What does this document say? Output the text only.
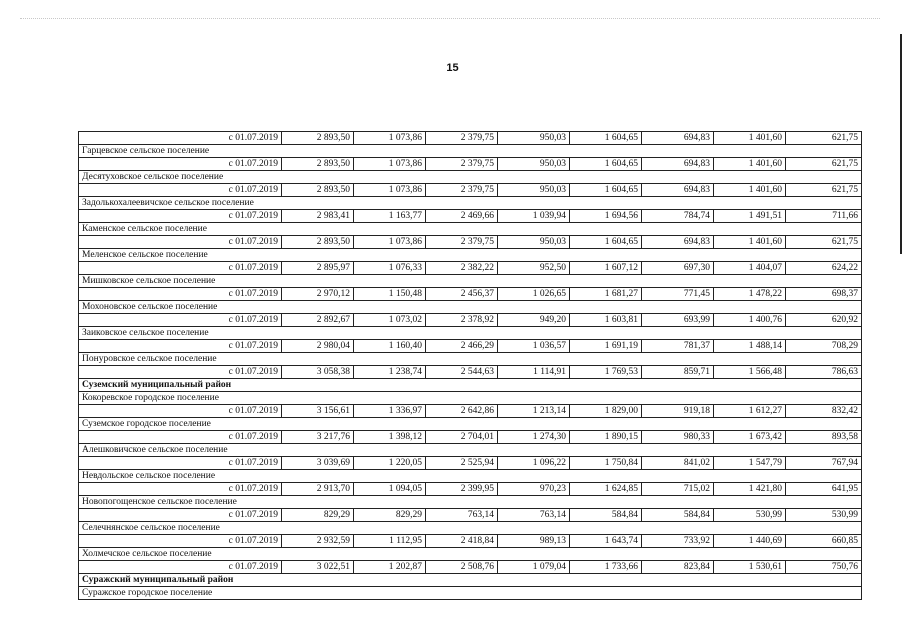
15
с 01.07.2019	2 893,50	1 073,86	2 379,75	950,03	1 604,65	694,83	1 401,60	621,75
Гарцевское сельское поселение								
с 01.07.2019	2 893,50	1 073,86	2 379,75	950,03	1 604,65	694,83	1 401,60	621,75
Десятуховское сельское поселение								
с 01.07.2019	2 893,50	1 073,86	2 379,75	950,03	1 604,65	694,83	1 401,60	621,75
Задолькохалеевичское сельское поселение								
с 01.07.2019	2 983,41	1 163,77	2 469,66	1 039,94	1 694,56	784,74	1 491,51	711,66
Каменское сельское поселение								
с 01.07.2019	2 893,50	1 073,86	2 379,75	950,03	1 604,65	694,83	1 401,60	621,75
Меленское сельское поселение								
с 01.07.2019	2 895,97	1 076,33	2 382,22	952,50	1 607,12	697,30	1 404,07	624,22
Мишковское сельское поселение								
с 01.07.2019	2 970,12	1 150,48	2 456,37	1 026,65	1 681,27	771,45	1 478,22	698,37
Мохоновское сельское поселение								
с 01.07.2019	2 892,67	1 073,02	2 378,92	949,20	1 603,81	693,99	1 400,76	620,92
Заиковское сельское поселение								
с 01.07.2019	2 980,04	1 160,40	2 466,29	1 036,57	1 691,19	781,37	1 488,14	708,29
Понуровское сельское поселение								
с 01.07.2019	3 058,38	1 238,74	2 544,63	1 114,91	1 769,53	859,71	1 566,48	786,63
Суземский муниципальный район								
Кокоревское городское поселение								
с 01.07.2019	3 156,61	1 336,97	2 642,86	1 213,14	1 829,00	919,18	1 612,27	832,42
Суземское городское поселение								
с 01.07.2019	3 217,76	1 398,12	2 704,01	1 274,30	1 890,15	980,33	1 673,42	893,58
Алешковичское сельское поселение								
с 01.07.2019	3 039,69	1 220,05	2 525,94	1 096,22	1 750,84	841,02	1 547,79	767,94
Невдольское сельское поселение								
с 01.07.2019	2 913,70	1 094,05	2 399,95	970,23	1 624,85	715,02	1 421,80	641,95
Новопогощенское сельское поселение								
с 01.07.2019	829,29	829,29	763,14	763,14	584,84	584,84	530,99	530,99
Селечнянское сельское поселение								
с 01.07.2019	2 932,59	1 112,95	2 418,84	989,13	1 643,74	733,92	1 440,69	660,85
Холмечское сельское поселение								
с 01.07.2019	3 022,51	1 202,87	2 508,76	1 079,04	1 733,66	823,84	1 530,61	750,76
Суражский муниципальный район								
Суражское городское поселение								
